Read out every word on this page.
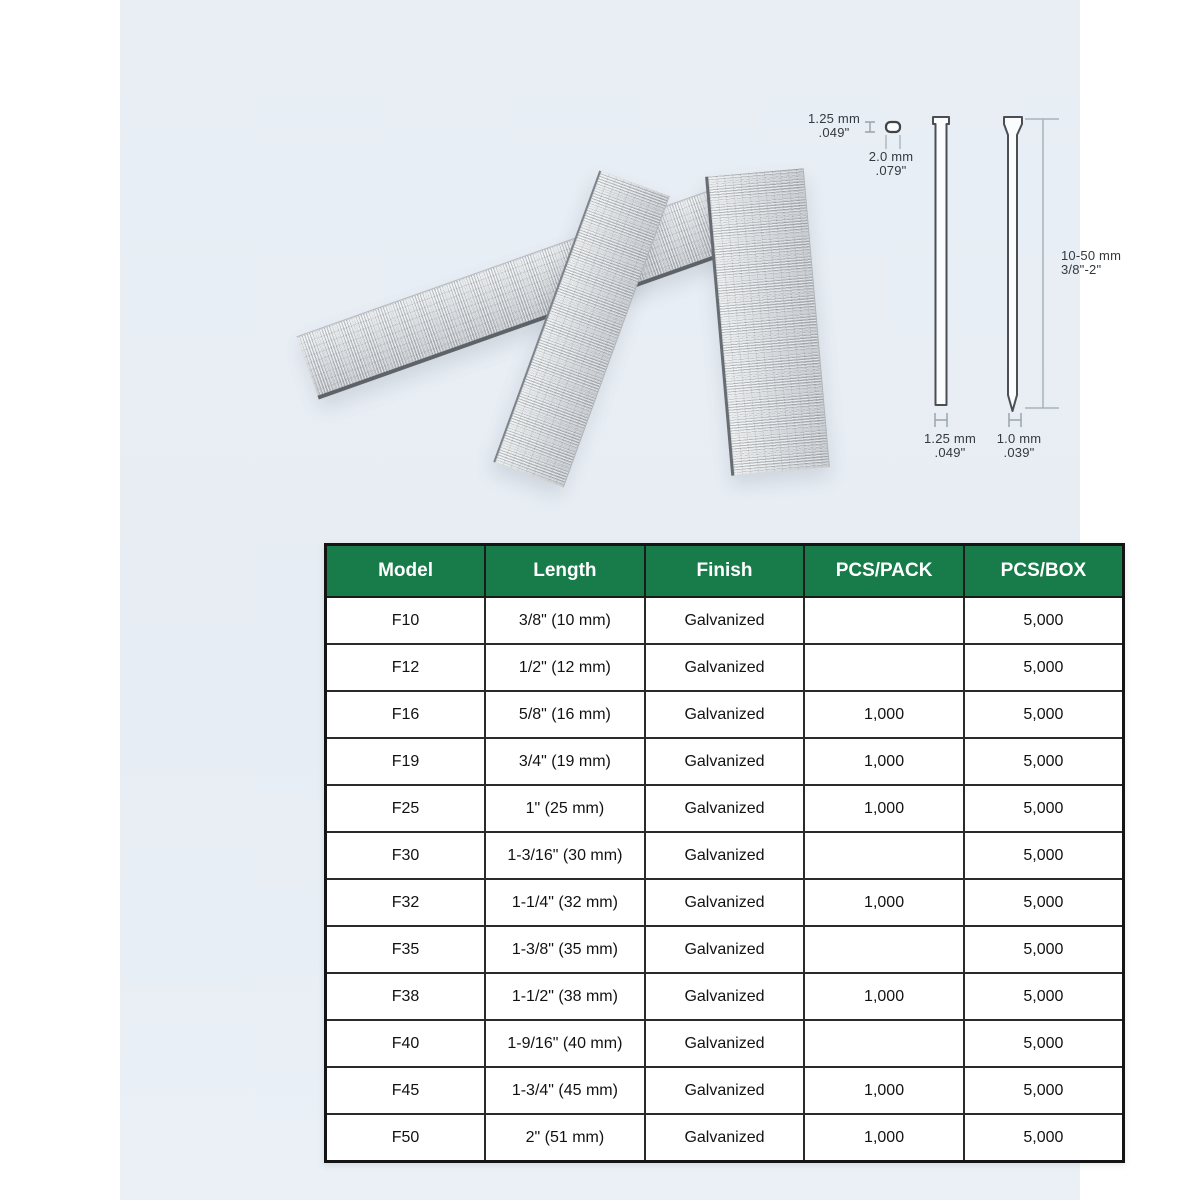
1.25 mm
.049"
2.0 mm
.079"
10-50 mm
3/8"-2"
1.25 mm
.049"
1.0 mm
.039"
Model	Length	Finish	PCS/PACK	PCS/BOX
F10	3/8" (10 mm)	Galvanized		5,000
F12	1/2" (12 mm)	Galvanized		5,000
F16	5/8" (16 mm)	Galvanized	1,000	5,000
F19	3/4" (19 mm)	Galvanized	1,000	5,000
F25	1" (25 mm)	Galvanized	1,000	5,000
F30	1-3/16" (30 mm)	Galvanized		5,000
F32	1-1/4" (32 mm)	Galvanized	1,000	5,000
F35	1-3/8" (35 mm)	Galvanized		5,000
F38	1-1/2" (38 mm)	Galvanized	1,000	5,000
F40	1-9/16" (40 mm)	Galvanized		5,000
F45	1-3/4" (45 mm)	Galvanized	1,000	5,000
F50	2" (51 mm)	Galvanized	1,000	5,000
